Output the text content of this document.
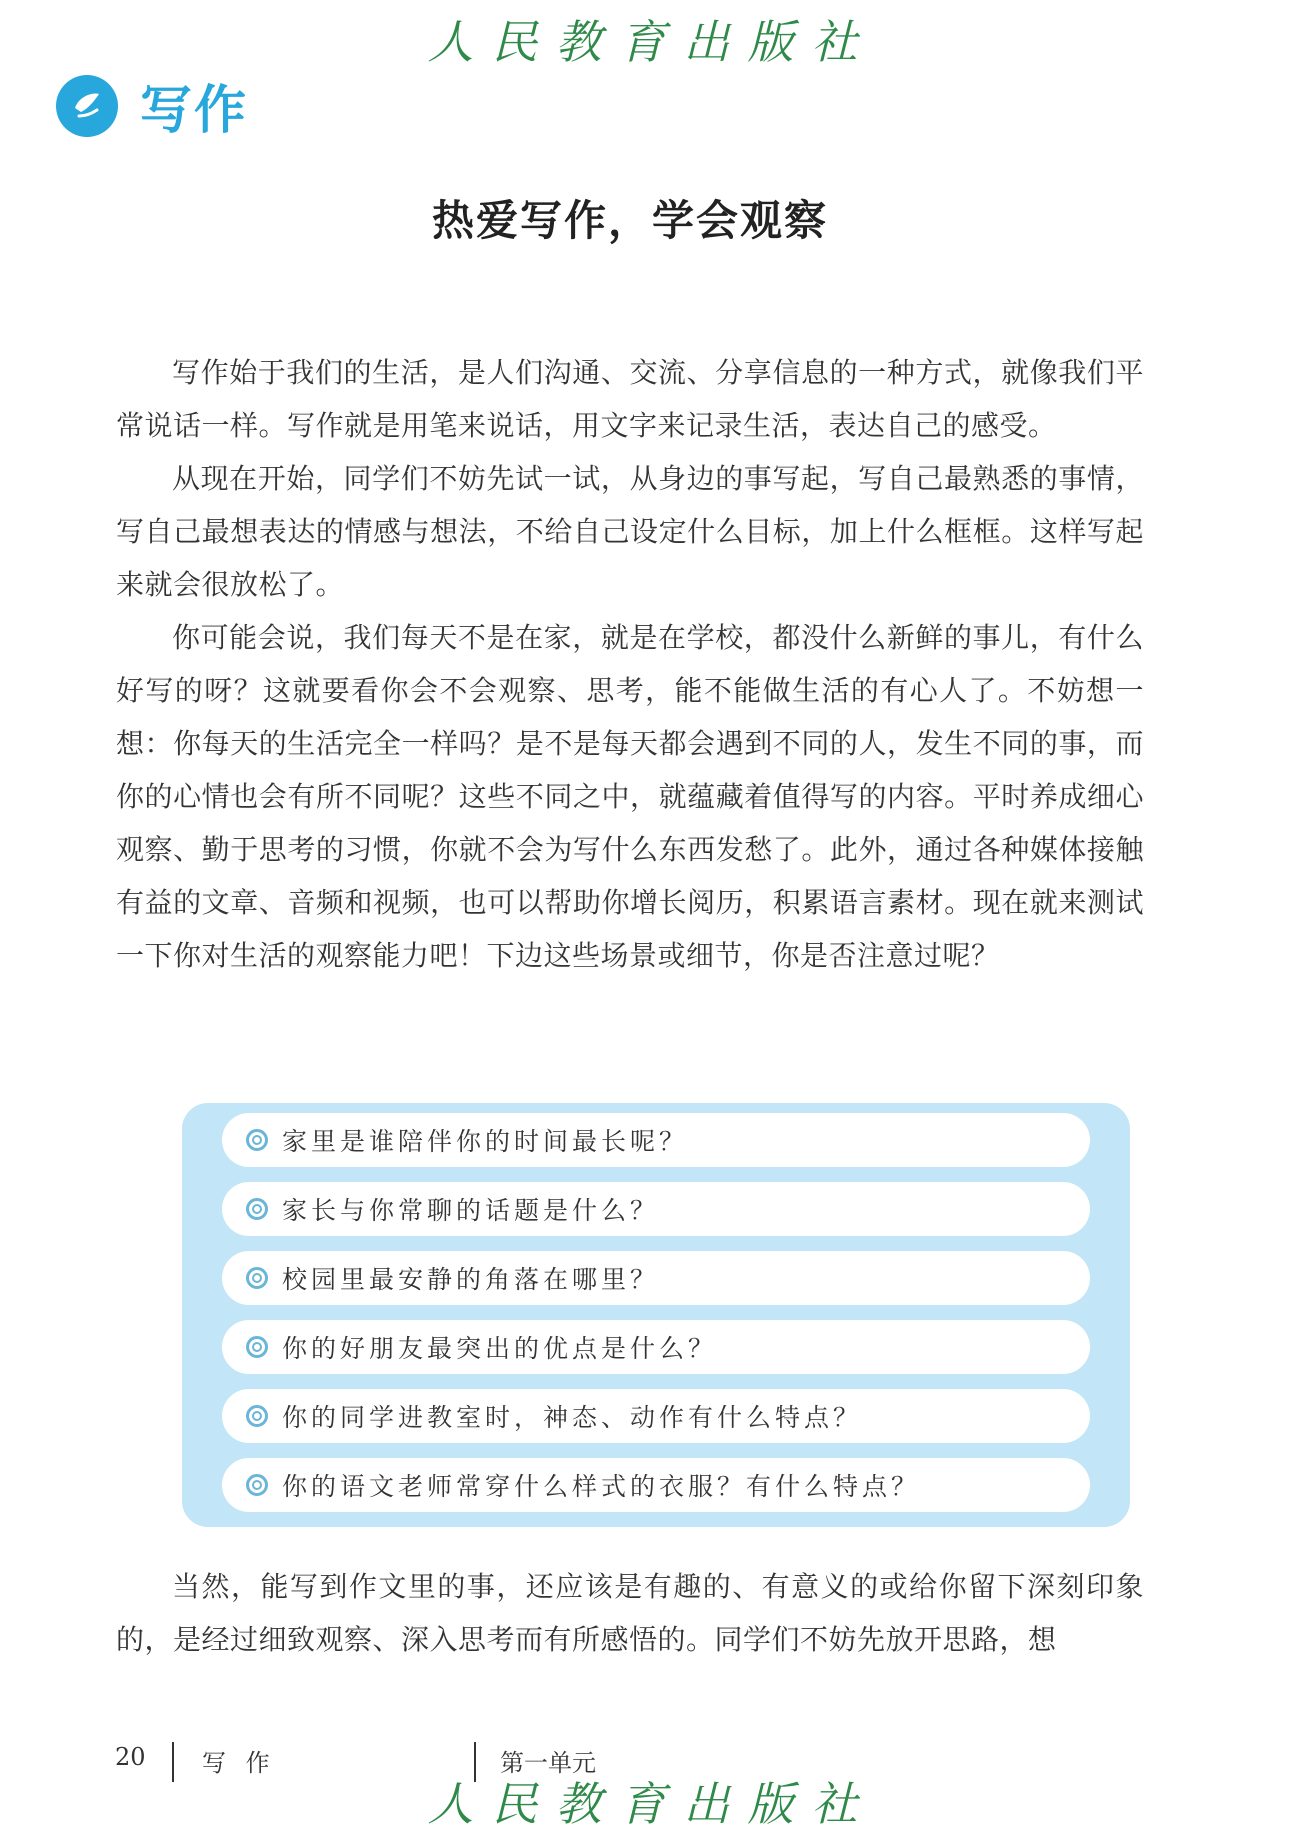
人民教育出版社
写作
热爱写作，学会观察

写作始于我们的生活，是人们沟通、交流、分享信息的一种方式，就像我们平常说话一样。写作就是用笔来说话，用文字来记录生活，表达自己的感受。

从现在开始，同学们不妨先试一试，从身边的事写起，写自己最熟悉的事情，写自己最想表达的情感与想法，不给自己设定什么目标，加上什么框框。这样写起来就会很放松了。

你可能会说，我们每天不是在家，就是在学校，都没什么新鲜的事儿，有什么好写的呀？这就要看你会不会观察、思考，能不能做生活的有心人了。不妨想一想：你每天的生活完全一样吗？是不是每天都会遇到不同的人，发生不同的事，而你的心情也会有所不同呢？这些不同之中，就蕴藏着值得写的内容。平时养成细心观察、勤于思考的习惯，你就不会为写什么东西发愁了。此外，通过各种媒体接触有益的文章、音频和视频，也可以帮助你增长阅历，积累语言素材。现在就来测试一下你对生活的观察能力吧！下边这些场景或细节，你是否注意过呢？

家里是谁陪伴你的时间最长呢？
家长与你常聊的话题是什么？
校园里最安静的角落在哪里？
你的好朋友最突出的优点是什么？
你的同学进教室时，神态、动作有什么特点？
你的语文老师常穿什么样式的衣服？有什么特点？

当然，能写到作文里的事，还应该是有趣的、有意义的或给你留下深刻印象的，是经过细致观察、深入思考而有所感悟的。同学们不妨先放开思路，想

20 写 作	第一单元
人民教育出版社
